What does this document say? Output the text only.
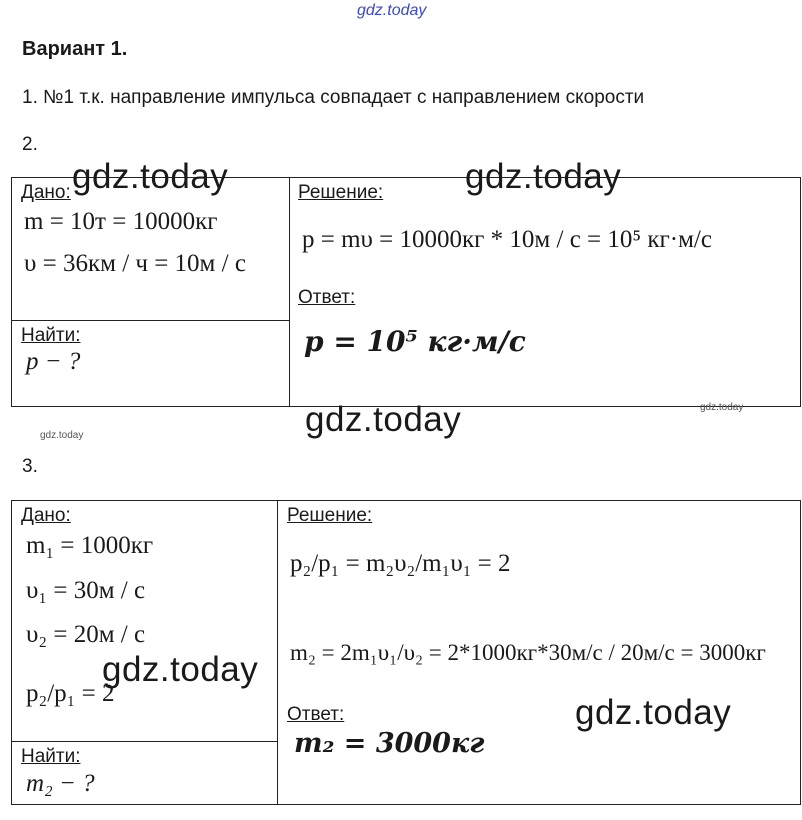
gdz.today
Вариант 1.
1. №1 т.к. направление импульса совпадает с направлением скорости
2.
Дано:
m = 10т = 10000кг
υ = 36км / ч = 10м / с
Найти:
p − ?
Решение:
p = mυ = 10000кг * 10м / с = 10⁵ кг·м/с
Ответ:
p = 10⁵ кг·м/с
gdz.today	gdz.today
gdz.today	gdz.today
gdz.today
3.
Дано:
m₁ = 1000кг
υ₁ = 30м / с
υ₂ = 20м / с
p₂/p₁ = 2
Найти:
m₂ − ?
Решение:
p₂/p₁ = m₂υ₂/m₁υ₁ = 2
m₂ = 2m₁υ₁/υ₂ = 2*1000кг*30м/с / 20м/с = 3000кг
Ответ:
m₂ = 3000кг
gdz.today
gdz.today
